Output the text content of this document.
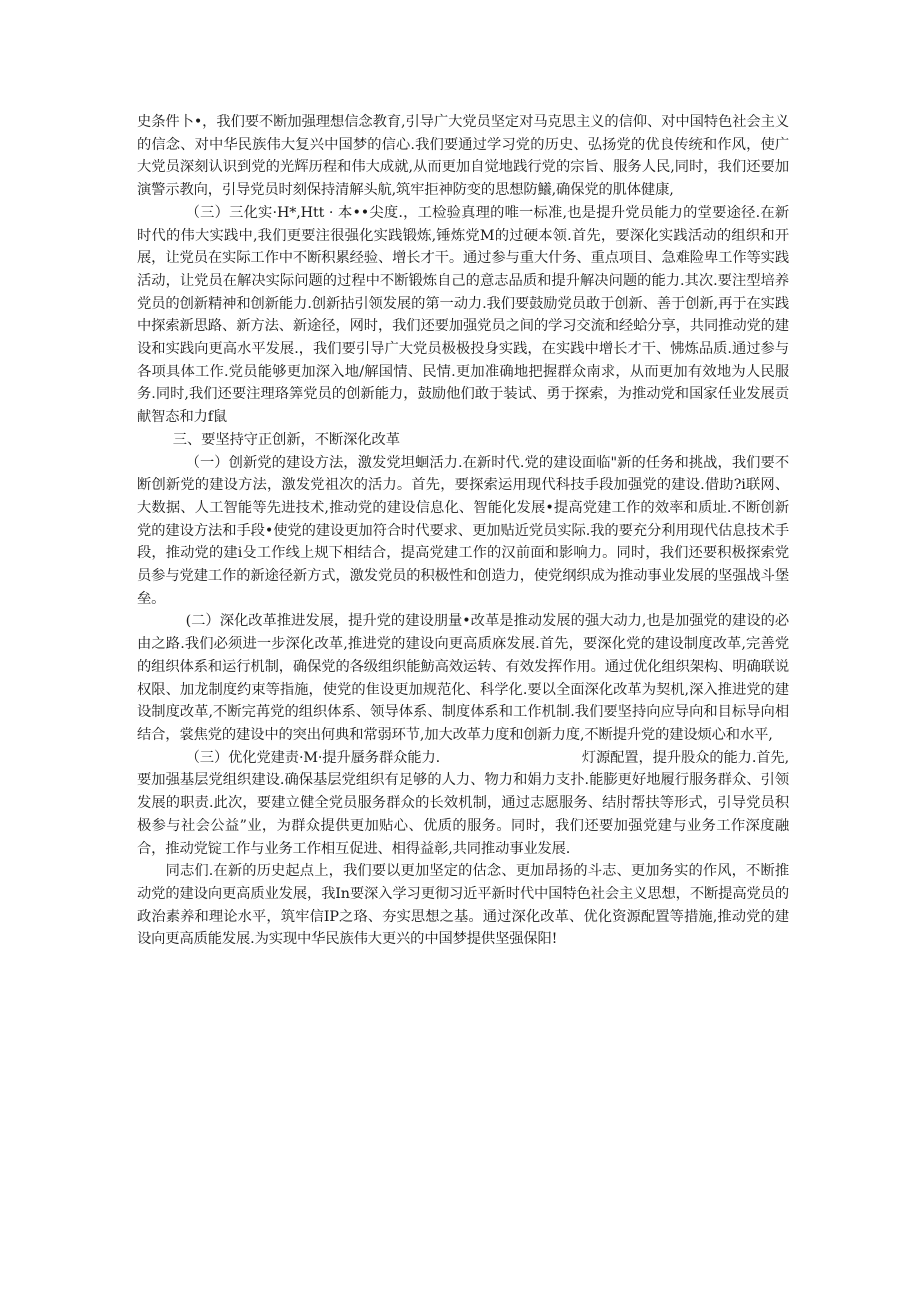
史条件卜•，我们要不断加强理想信念教育,引导广大党员坚定对马克思主义的信仰、对中国特色社会主义的信念、对中华民族伟大复兴中国梦的信心.我们要通过学习党的历史、弘扬党的优良传统和作风，使广大党员深刻认识到党的光辉历程和伟大成就,从而更加自觉地践行党的宗旨、服务人民,同时，我们还要加演警示教向，引导党员时刻保持清解头航,筑牢拒神防变的思想防鱶,确保党的肌体健康,

（三）三化实·H*,Htt · 本••尖度.，工检验真理的唯一标准,也是提升党员能力的堂要途径.在新时代的伟大实践中,我们更要注很强化实践锻炼,锤炼党M的过硬本领.首先，要深化实践活动的组织和开展，让党员在实际工作中不断积累经验、增长才干。通过参与重大什务、重点项目、急难险卑工作等实践活动，让党员在解决实际问题的过程中不断锻炼自己的意志品质和提升解决问题的能力.其次.要注型培养党员的创新精神和创新能力.创新拈引领发展的第一动力.我们要鼓励党员敢于创新、善于创新,再于在实践中探索新思路、新方法、新途径，网时，我们还要加强党员之间的学习交流和经蛤分享，共同推动党的建设和实践向更高水平发展.，我们要引导广大党员极极投身实践，在实践中增长才干、怫炼品质.通过参与各项具体工作.党员能够更加深入地/解国情、民情.更加准确地把握群众南求，从而更加有效地为人民服务.同时,我们还要注理珞筭党员的创新能力，鼓励他们敢于装试、勇于探索，为推动党和国家任业发展贡献智态和力f鼠

三、要坚持守正创新，不断深化改革

（一）创新党的建设方法，激发党坦蛔活力.在新时代.党的建设面临"新的任务和挑战，我们要不断创新党的建设方法，激发党祖次的活力。首先，要探索运用现代科技手段加强党的建设.借助?i联网、大数据、人工智能等先进技术,推动党的建设信息化、智能化发展•提高党建工作的效率和质址.不断创新党的建设方法和手段•使党的建设更加符合时代要求、更加贴近党员实际.我的要充分利用现代估息技术手段，推动党的建i殳工作线上规下相结合，提高党建工作的汉前面和影响力。同时，我们还要积极探索党员参与党建工作的新途径新方式，激发党员的积极性和创造力，使党纲织成为推动事业发展的坚强战斗堡垒。

(二）深化改革推进发展，提升党的建设朋量•改革是推动发展的强大动力,也是加强党的建设的必由之路.我们必须进一步深化改革,推进党的建设向更高质庥发展.首先，要深化党的建设制度改革,完善党的组织体系和运行机制，确保党的各级组织能魴高效运转、有效发挥作用。通过优化组织架构、明确联说权限、加龙制度约束等指施，使党的隹设更加规范化、科学化.要以全面深化改革为契机,深入推进党的建设制度改革,不断完苒党的组织体系、领导体系、制度体系和工作机制.我们要坚持向应导向和目标导向相结合，裳焦党的建设中的突出何典和常弱环节,加大改革力度和创新力度,不断提升党的建设烦心和水平,

（三）优化党建责·M·提升蜃务群众能力.　　　　　　　　　　灯源配置，提升股众的能力.首先,要加强基层党组织建设.确保基层党组织有足够的人力、物力和娟力支扑.能膨更好地履行服务群众、引领发展的职责.此次，要建立健全党员服务群众的长效机制，通过志愿服务、结肘帮扶等形式，引导党员积极参与社会公益”业，为群众提供更加贴心、优质的服务。同时，我们还要加强党建与业务工作深度融合，推动党锭工作与业务工作相互促进、相得益彰,共同推动事业发展.

同志们.在新的历史起点上，我们要以更加坚定的估念、更加昂扬的斗志、更加务实的作风，不断推动党的建设向更高质业发展，我In要深入学习更彻习近平新时代中国特色社会主义思想，不断提高党员的政治素养和理论水平，筑牢信IP之珞、夯实思想之基。通过深化改革、优化资源配置等措施,推动党的建设向更高质能发展.为实现中华民族伟大更兴的中国梦提供坚强保阳!
